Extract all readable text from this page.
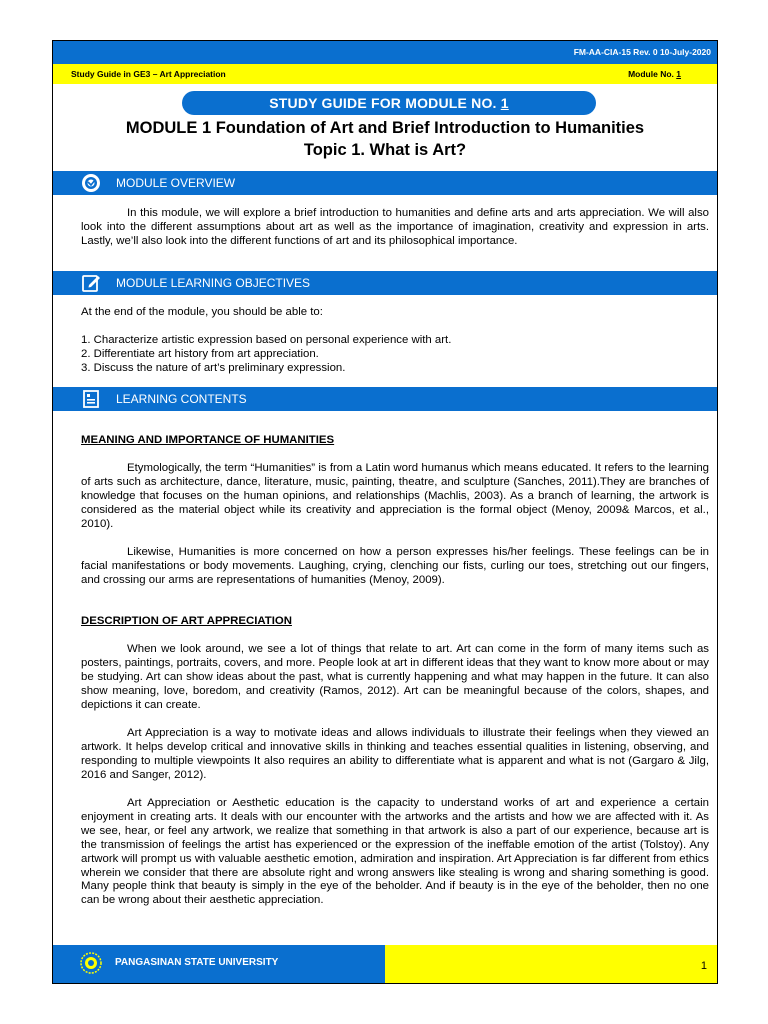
FM-AA-CIA-15 Rev. 0 10-July-2020
Study Guide in GE3 – Art Appreciation	Module No. 1
STUDY GUIDE FOR MODULE NO. 1
MODULE 1 Foundation of Art and Brief Introduction to Humanities
Topic 1. What is Art?
MODULE OVERVIEW
In this module, we will explore a brief introduction to humanities and define arts and arts appreciation. We will also look into the different assumptions about art as well as the importance of imagination, creativity and expression in arts. Lastly, we’ll also look into the different functions of art and its philosophical importance.
MODULE LEARNING OBJECTIVES
At the end of the module, you should be able to:
1. Characterize artistic expression based on personal experience with art.
2. Differentiate art history from art appreciation.
3. Discuss the nature of art’s preliminary expression.
LEARNING CONTENTS
MEANING AND IMPORTANCE OF HUMANITIES
Etymologically, the term “Humanities” is from a Latin word humanus which means educated. It refers to the learning of arts such as architecture, dance, literature, music, painting, theatre, and sculpture (Sanches, 2011).They are branches of knowledge that focuses on the human opinions, and relationships (Machlis, 2003). As a branch of learning, the artwork is considered as the material object while its creativity and appreciation is the formal object (Menoy, 2009& Marcos, et al., 2010).
Likewise, Humanities is more concerned on how a person expresses his/her feelings. These feelings can be in facial manifestations or body movements. Laughing, crying, clenching our fists, curling our toes, stretching out our fingers, and crossing our arms are representations of humanities (Menoy, 2009).
DESCRIPTION OF ART APPRECIATION
When we look around, we see a lot of things that relate to art. Art can come in the form of many items such as posters, paintings, portraits, covers, and more. People look at art in different ideas that they want to know more about or may be studying. Art can show ideas about the past, what is currently happening and what may happen in the future. It can also show meaning, love, boredom, and creativity (Ramos, 2012). Art can be meaningful because of the colors, shapes, and depictions it can create.
Art Appreciation is a way to motivate ideas and allows individuals to illustrate their feelings when they viewed an artwork. It helps develop critical and innovative skills in thinking and teaches essential qualities in listening, observing, and responding to multiple viewpoints It also requires an ability to differentiate what is apparent and what is not (Gargaro & Jilg, 2016 and Sanger, 2012).
Art Appreciation or Aesthetic education is the capacity to understand works of art and experience a certain enjoyment in creating arts. It deals with our encounter with the artworks and the artists and how we are affected with it. As we see, hear, or feel any artwork, we realize that something in that artwork is also a part of our experience, because art is the transmission of feelings the artist has experienced or the expression of the ineffable emotion of the artist (Tolstoy). Any artwork will prompt us with valuable aesthetic emotion, admiration and inspiration. Art Appreciation is far different from ethics wherein we consider that there are absolute right and wrong answers like stealing is wrong and sharing something is good. Many people think that beauty is simply in the eye of the beholder. And if beauty is in the eye of the beholder, then no one can be wrong about their aesthetic appreciation.
PANGASINAN STATE UNIVERSITY	1
